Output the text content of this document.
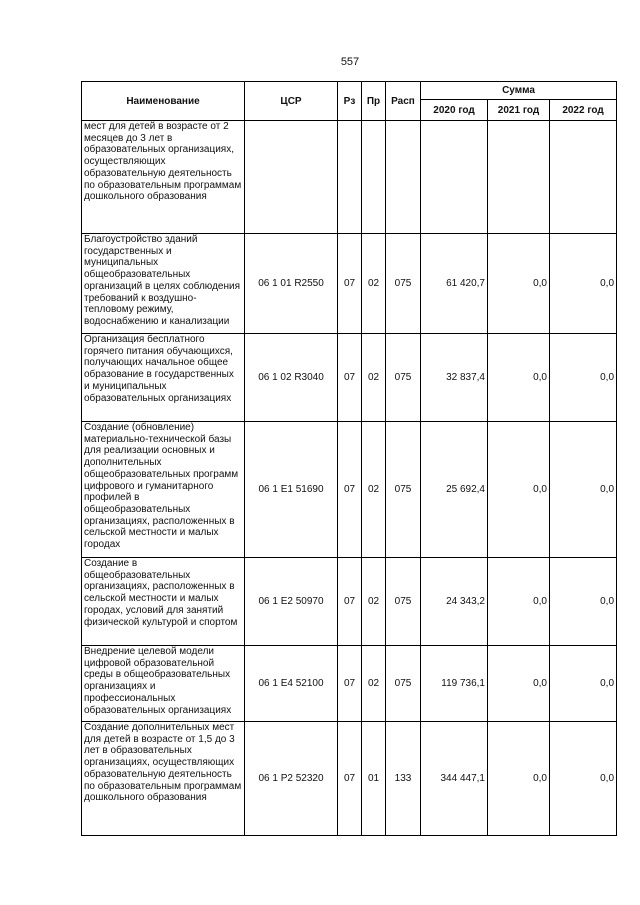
557
Наименование	ЦСР	Рз	Пр	Расп	Сумма		
					2020 год	2021 год	2022 год
мест для детей в возрасте от 2 месяцев до 3 лет в образовательных организациях, осуществляющих образовательную деятельность по образовательным программам дошкольного образования							
Благоустройство зданий государственных и муниципальных общеобразовательных организаций в целях соблюдения требований к воздушно-тепловому режиму, водоснабжению и канализации	06 1 01 R2550	07	02	075	61 420,7	0,0	0,0
Организация бесплатного горячего питания обучающихся, получающих начальное общее образование в государственных и муниципальных образовательных организациях	06 1 02 R3040	07	02	075	32 837,4	0,0	0,0
Создание (обновление) материально-технической базы для реализации основных и дополнительных общеобразовательных программ цифрового и гуманитарного профилей в общеобразовательных организациях, расположенных в сельской местности и малых городах	06 1 E1 51690	07	02	075	25 692,4	0,0	0,0
Создание в общеобразовательных организациях, расположенных в сельской местности и малых городах, условий для занятий физической культурой и спортом	06 1 E2 50970	07	02	075	24 343,2	0,0	0,0
Внедрение целевой модели цифровой образовательной среды в общеобразовательных организациях и профессиональных образовательных организациях	06 1 E4 52100	07	02	075	119 736,1	0,0	0,0
Создание дополнительных мест для детей в возрасте от 1,5 до 3 лет в образовательных организациях, осуществляющих образовательную деятельность по образовательным программам дошкольного образования	06 1 P2 52320	07	01	133	344 447,1	0,0	0,0
